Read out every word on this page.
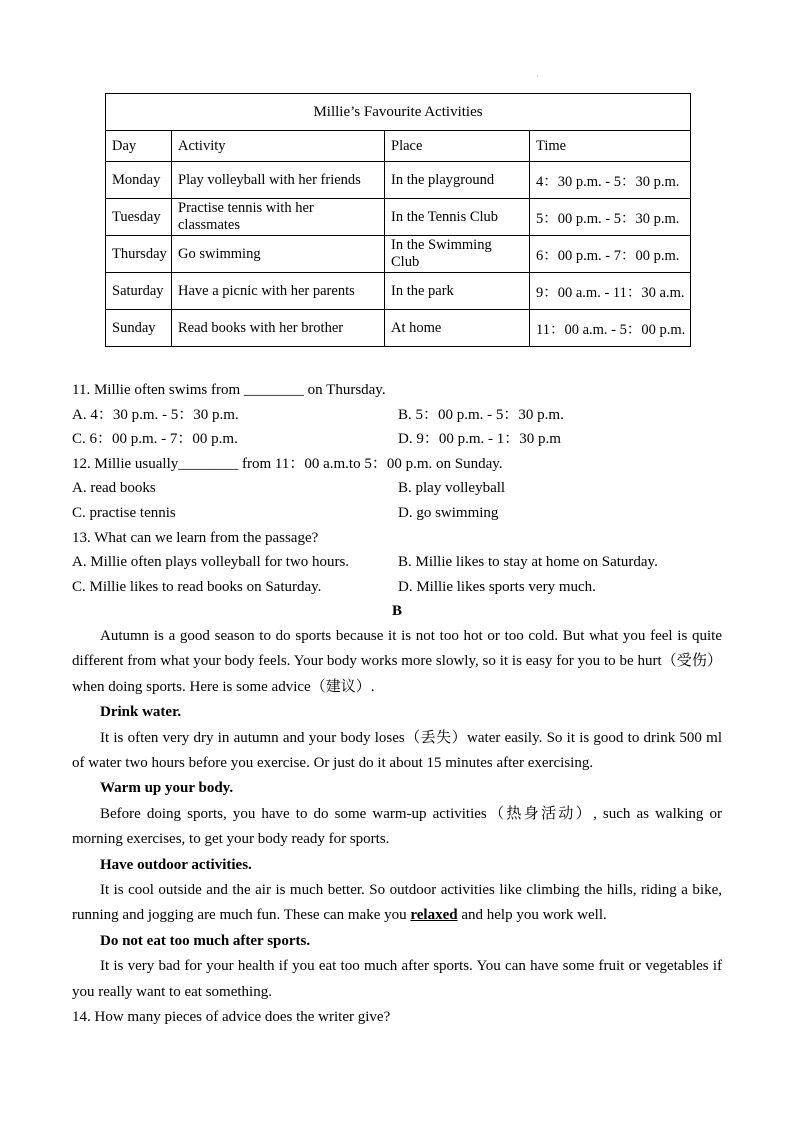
·
Millie’s Favourite Activities			
Day	Activity	Place	Time
Monday	Play volleyball with her friends	In the playground	4：30 p.m. - 5：30 p.m.
Tuesday	Practise tennis with her classmates	In the Tennis Club	5：00 p.m. - 5：30 p.m.
Thursday	Go swimming	In the Swimming Club	6：00 p.m. - 7：00 p.m.
Saturday	Have a picnic with her parents	In the park	9：00 a.m. - 11：30 a.m.
Sunday	Read books with her brother	At home	11：00 a.m. - 5：00 p.m.

11. Millie often swims from ________ on Thursday.

A. 4：30 p.m. - 5：30 p.m.	B. 5：00 p.m. - 5：30 p.m.
C. 6：00 p.m. - 7：00 p.m.	D. 9：00 p.m. - 1：30 p.m

12. Millie usually________ from 11：00 a.m.to 5：00 p.m. on Sunday.

A. read books	B. play volleyball
C. practise tennis	D. go swimming

13. What can we learn from the passage?

A. Millie often plays volleyball for two hours.	B. Millie likes to stay at home on Saturday.
C. Millie likes to read books on Saturday.	D. Millie likes sports very much.

B

Autumn is a good season to do sports because it is not too hot or too cold. But what you feel is quite different from what your body feels. Your body works more slowly, so it is easy for you to be hurt（受伤）when doing sports. Here is some advice（建议）.

Drink water.

It is often very dry in autumn and your body loses（丢失）water easily. So it is good to drink 500 ml of water two hours before you exercise. Or just do it about 15 minutes after exercising.

Warm up your body.

Before doing sports, you have to do some warm-up activities（热身活动）, such as walking or morning exercises, to get your body ready for sports.

Have outdoor activities.

It is cool outside and the air is much better. So outdoor activities like climbing the hills, riding a bike, running and jogging are much fun. These can make you relaxed and help you work well.

Do not eat too much after sports.

It is very bad for your health if you eat too much after sports. You can have some fruit or vegetables if you really want to eat something.

14. How many pieces of advice does the writer give?
